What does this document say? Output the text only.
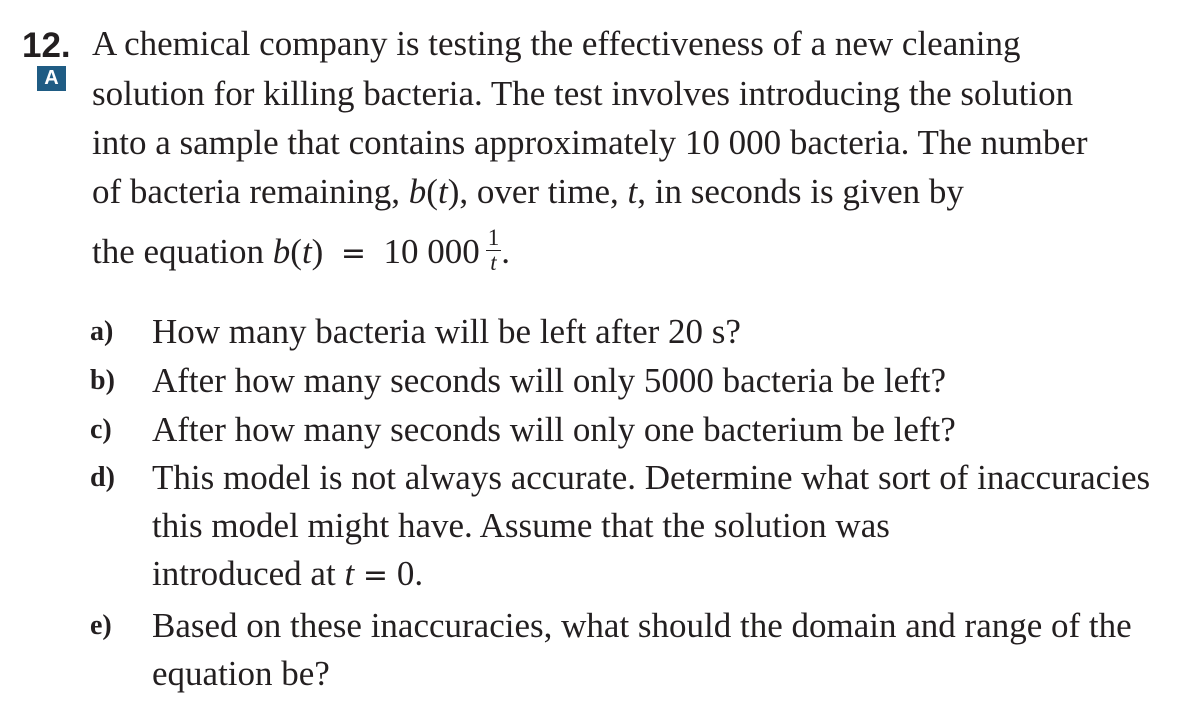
12.
A
A chemical company is testing the effectiveness of a new cleaning
solution for killing bacteria. The test involves introducing the solution
into a sample that contains approximately 10 000 bacteria. The number
of bacteria remaining, b(t), over time, t, in seconds is given by
the equation b(t)  = 10 $000 \frac{1}{t}$ .
a) How many bacteria will be left after 20 s?
b) After how many seconds will only 5000 bacteria be left?
c) After how many seconds will only one bacterium be left?
d) This model is not always accurate. Determine what sort of inaccuracies this model might have. Assume that the solution was
introduced at t = 0.
e) Based on these inaccuracies, what should the domain and range of the equation be?
